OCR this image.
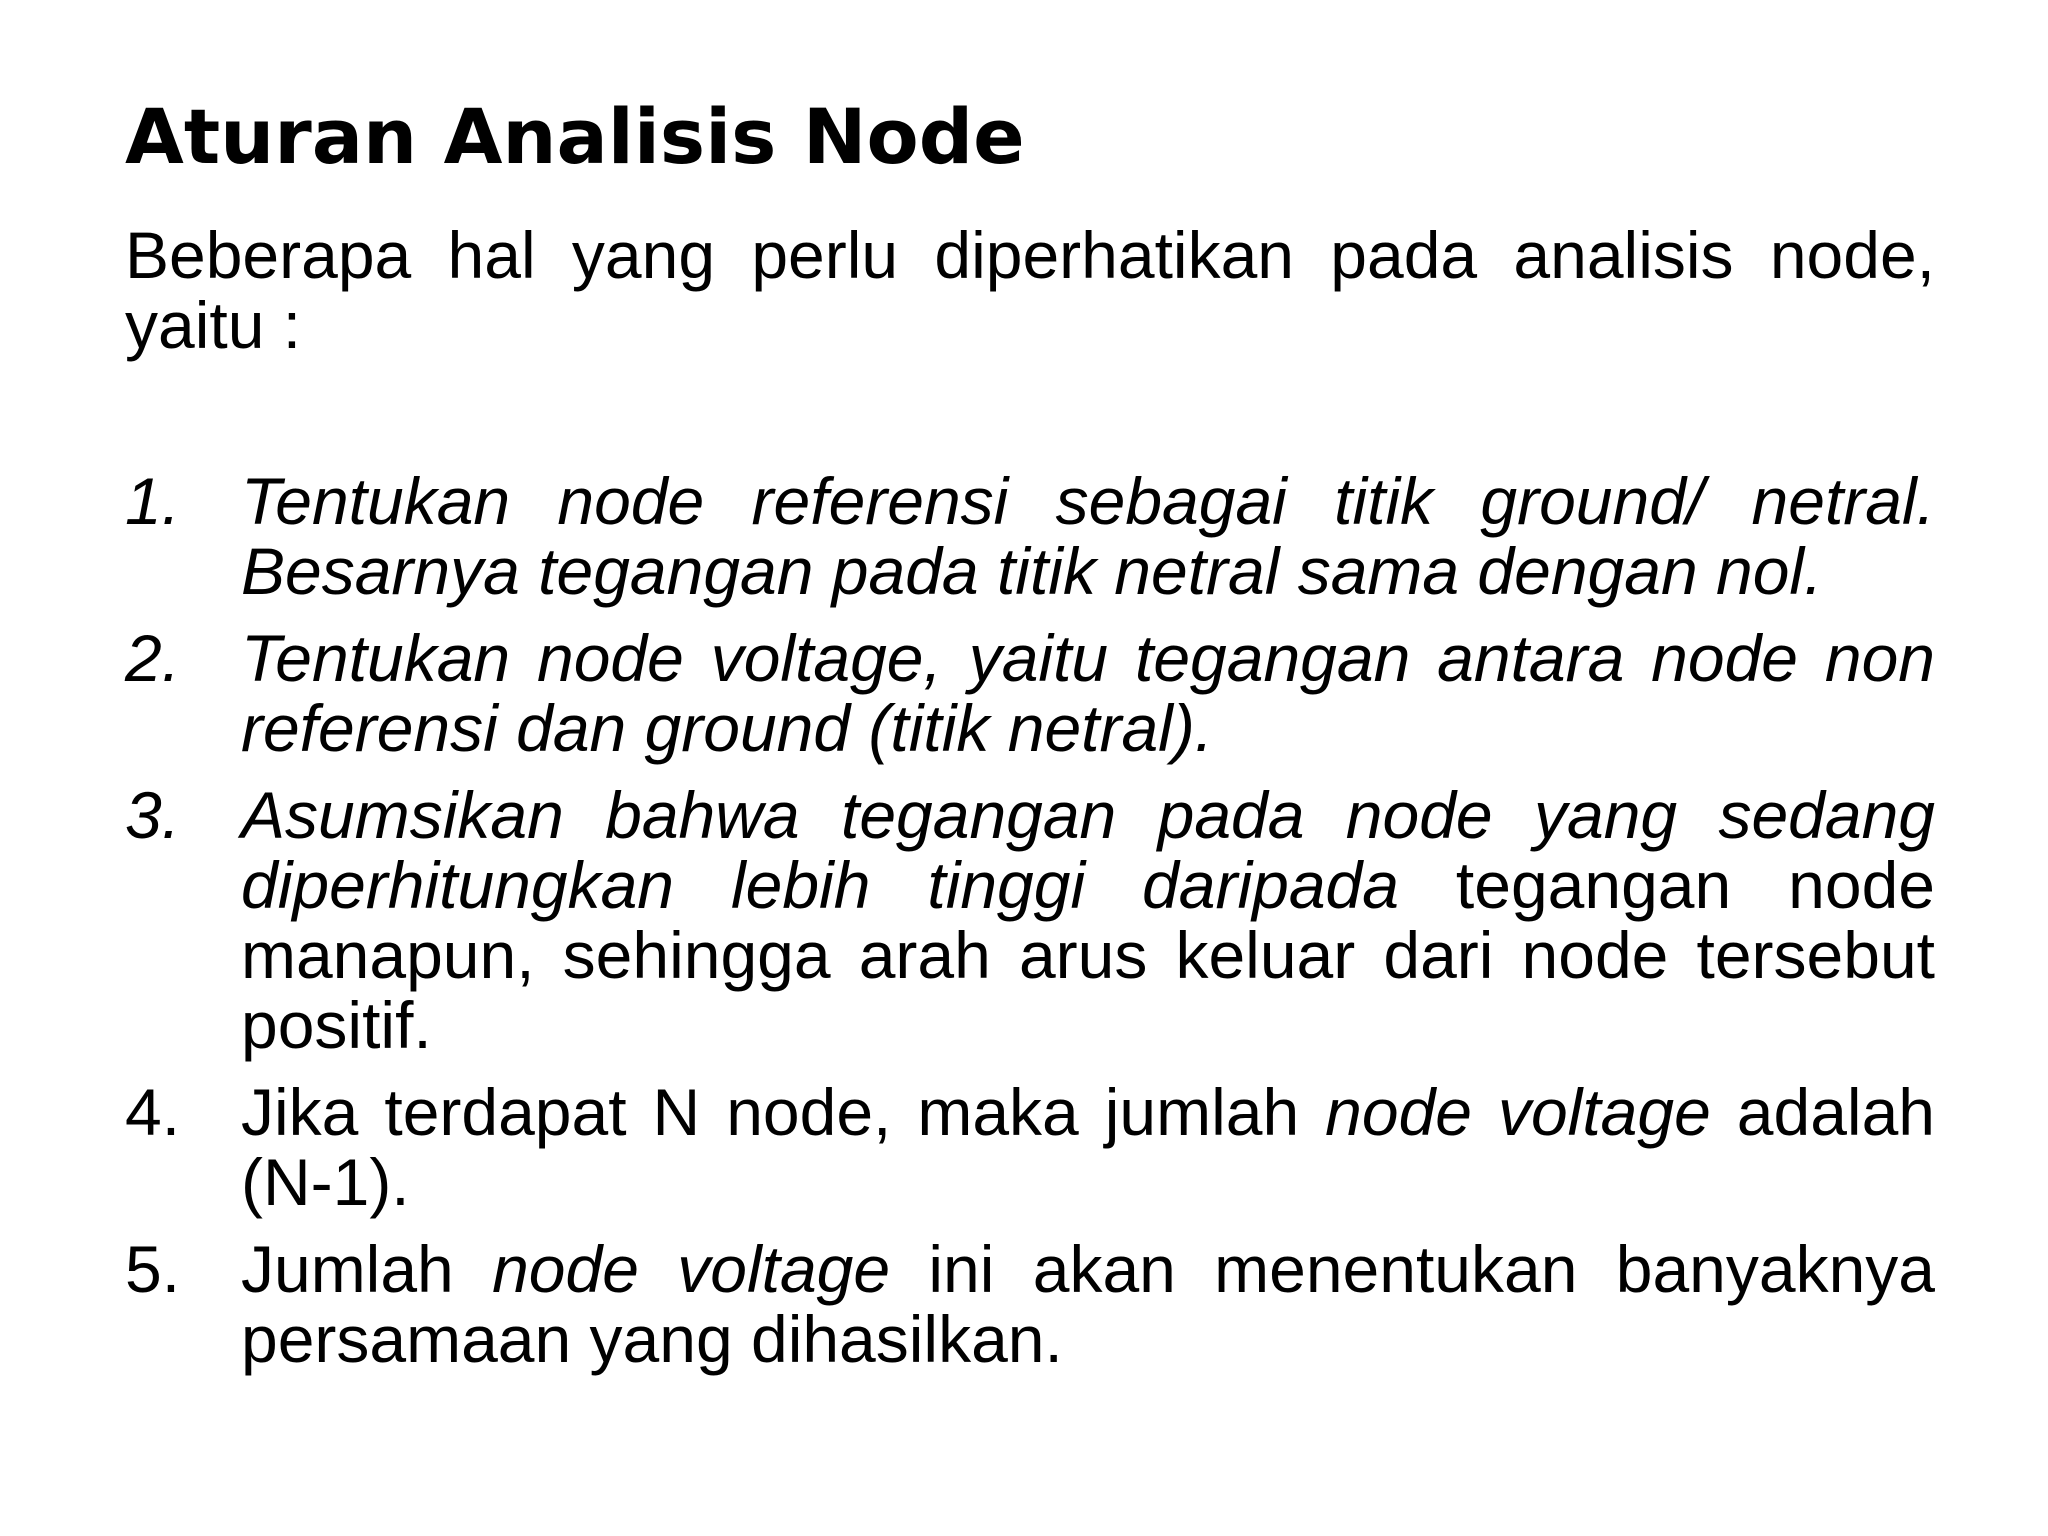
Aturan Analisis Node

Beberapa hal yang perlu diperhatikan pada analisis node, yaitu :

1. Tentukan node referensi sebagai titik ground/ netral. Besarnya tegangan pada titik netral sama dengan nol.
2. Tentukan node voltage, yaitu tegangan antara node non referensi dan ground (titik netral).
3. Asumsikan bahwa tegangan pada node yang sedang diperhitungkan lebih tinggi daripada tegangan node manapun, sehingga arah arus keluar dari node tersebut positif.
4. Jika terdapat N node, maka jumlah node voltage adalah (N-1).
5. Jumlah node voltage ini akan menentukan banyaknya persamaan yang dihasilkan.
